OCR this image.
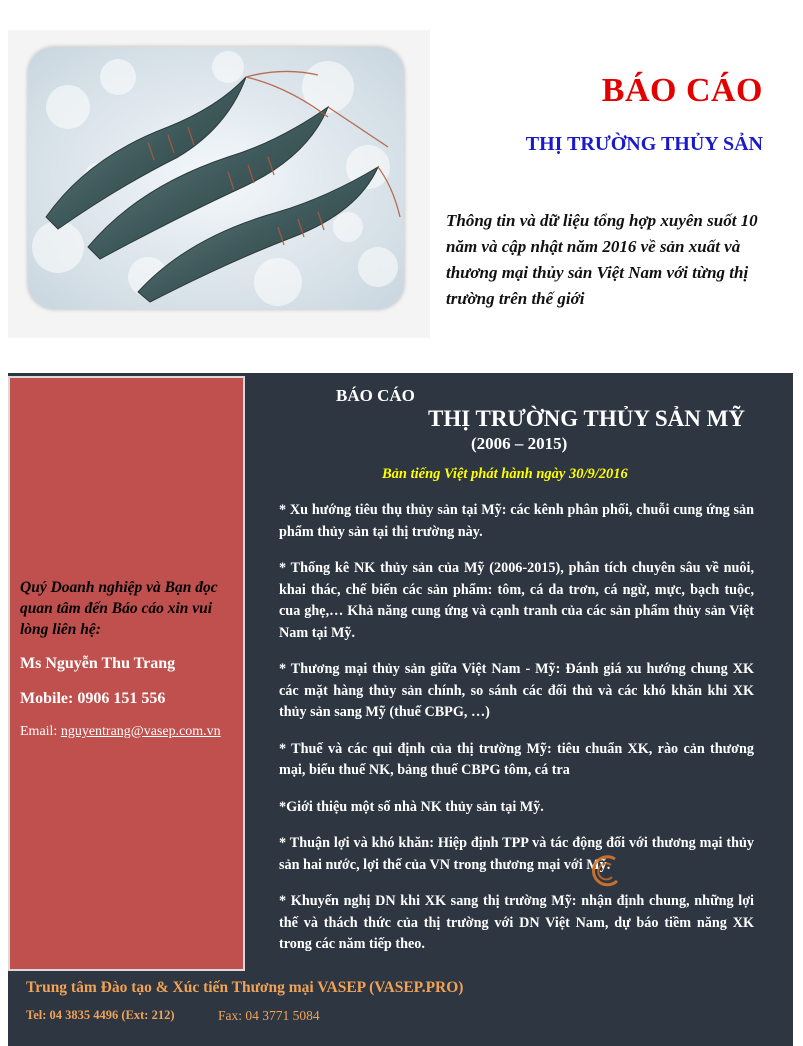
BÁO CÁO
THỊ TRƯỜNG THỦY SẢN
Thông tin và dữ liệu tổng hợp xuyên suốt 10 năm và cập nhật năm 2016 về sản xuất và thương mại thủy sản Việt Nam với từng thị trường trên thế giới
Quý Doanh nghiệp và Bạn đọc quan tâm đến Báo cáo xin vui lòng liên hệ:
Ms Nguyễn Thu Trang
Mobile: 0906 151 556
Email: nguyentrang@vasep.com.vn
BÁO CÁO
THỊ TRƯỜNG THỦY SẢN MỸ
(2006 – 2015)
Bản tiếng Việt phát hành ngày 30/9/2016

* Xu hướng tiêu thụ thủy sản tại Mỹ: các kênh phân phối, chuỗi cung ứng sản phẩm thủy sản tại thị trường này.

* Thống kê NK thủy sản của Mỹ (2006-2015), phân tích chuyên sâu về nuôi, khai thác, chế biến các sản phẩm: tôm, cá da trơn, cá ngừ, mực, bạch tuộc, cua ghẹ,… Khả năng cung ứng và cạnh tranh của các sản phẩm thủy sản Việt Nam tại Mỹ.

* Thương mại thủy sản giữa Việt Nam - Mỹ: Đánh giá xu hướng chung XK các mặt hàng thủy sản chính, so sánh các đối thủ và các khó khăn khi XK thủy sản sang Mỹ (thuế CBPG, …)

* Thuế và các qui định của thị trường Mỹ: tiêu chuẩn XK, rào cản thương mại, biểu thuế NK, bảng thuế CBPG tôm, cá tra

*Giới thiệu một số nhà NK thủy sản tại Mỹ.

* Thuận lợi và khó khăn: Hiệp định TPP và tác động đối với thương mại thủy sản hai nước, lợi thế của VN trong thương mại với Mỹ.

* Khuyến nghị DN khi XK sang thị trường Mỹ: nhận định chung, những lợi thế và thách thức của thị trường với DN Việt Nam, dự báo tiềm năng XK trong các năm tiếp theo.

Trung tâm Đào tạo & Xúc tiến Thương mại VASEP (VASEP.PRO)
Tel: 04 3835 4496 (Ext: 212)	Fax: 04 3771 5084
